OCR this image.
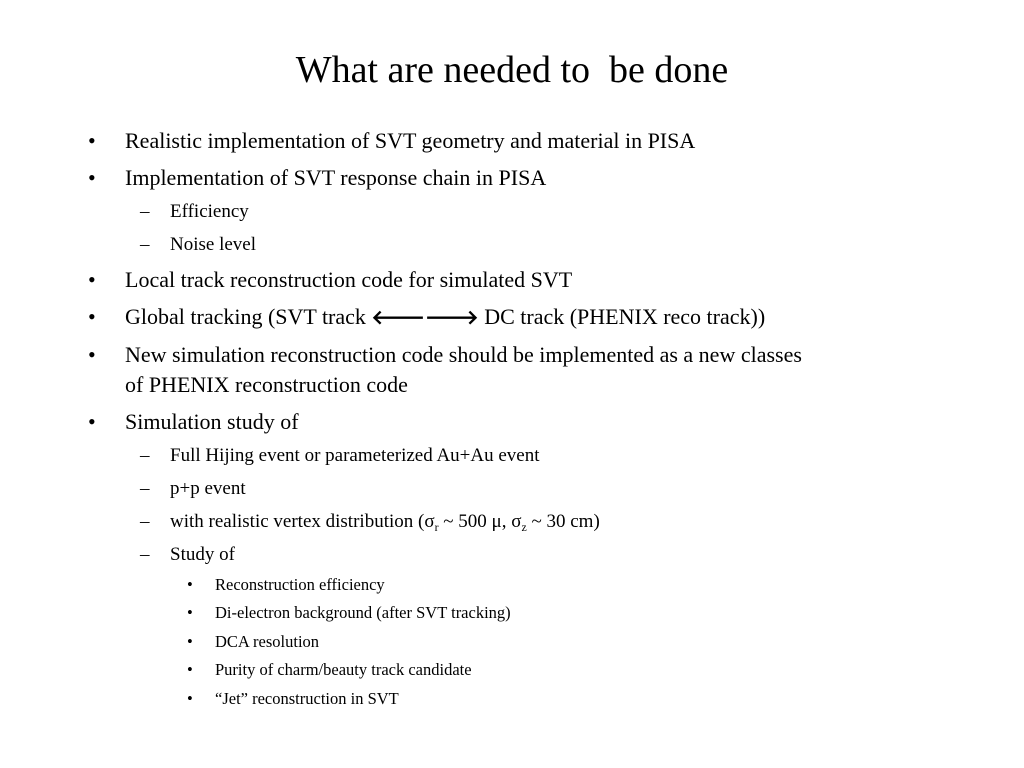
What are needed to  be done
• Realistic implementation of SVT geometry and material in PISA
• Implementation of SVT response chain in PISA
– Efficiency
– Noise level
• Local track reconstruction code for simulated SVT
• Global tracking (SVT track 🡐🡒 DC track (PHENIX reco track))
• New simulation reconstruction code should be implemented as a new classes
of PHENIX reconstruction code
• Simulation study of
– Full Hijing event or parameterized Au+Au event
– p+p event
– with realistic vertex distribution ($\sigma_r$ ~ 500 μ, $\sigma_z$ ~ 30 cm)
– Study of
• Reconstruction efficiency
• Di-electron background (after SVT tracking)
• DCA resolution
• Purity of charm/beauty track candidate
• “Jet” reconstruction in SVT
